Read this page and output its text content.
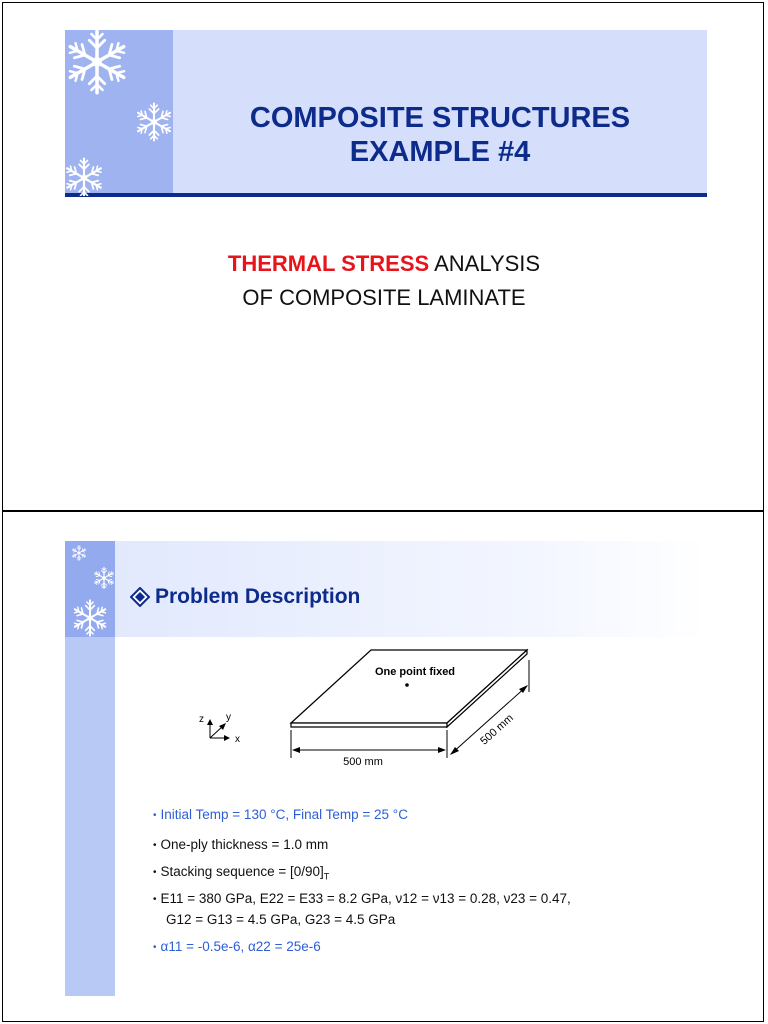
COMPOSITE STRUCTURES
EXAMPLE #4
THERMAL STRESS ANALYSIS
OF COMPOSITE LAMINATE
Problem Description
One point fixed
500 mm
500 mm
z y
x
• Initial Temp = 130 °C, Final Temp = 25 °C
• One-ply thickness = 1.0 mm
• Stacking sequence = $[0/90]_T$
• E11 = 380 GPa, E22 = E33 = 8.2 GPa, ν12 = ν13 = 0.28, ν23 = 0.47,
G12 = G13 = 4.5 GPa, G23 = 4.5 GPa
• α11 = -0.5e-6, α22 = 25e-6
